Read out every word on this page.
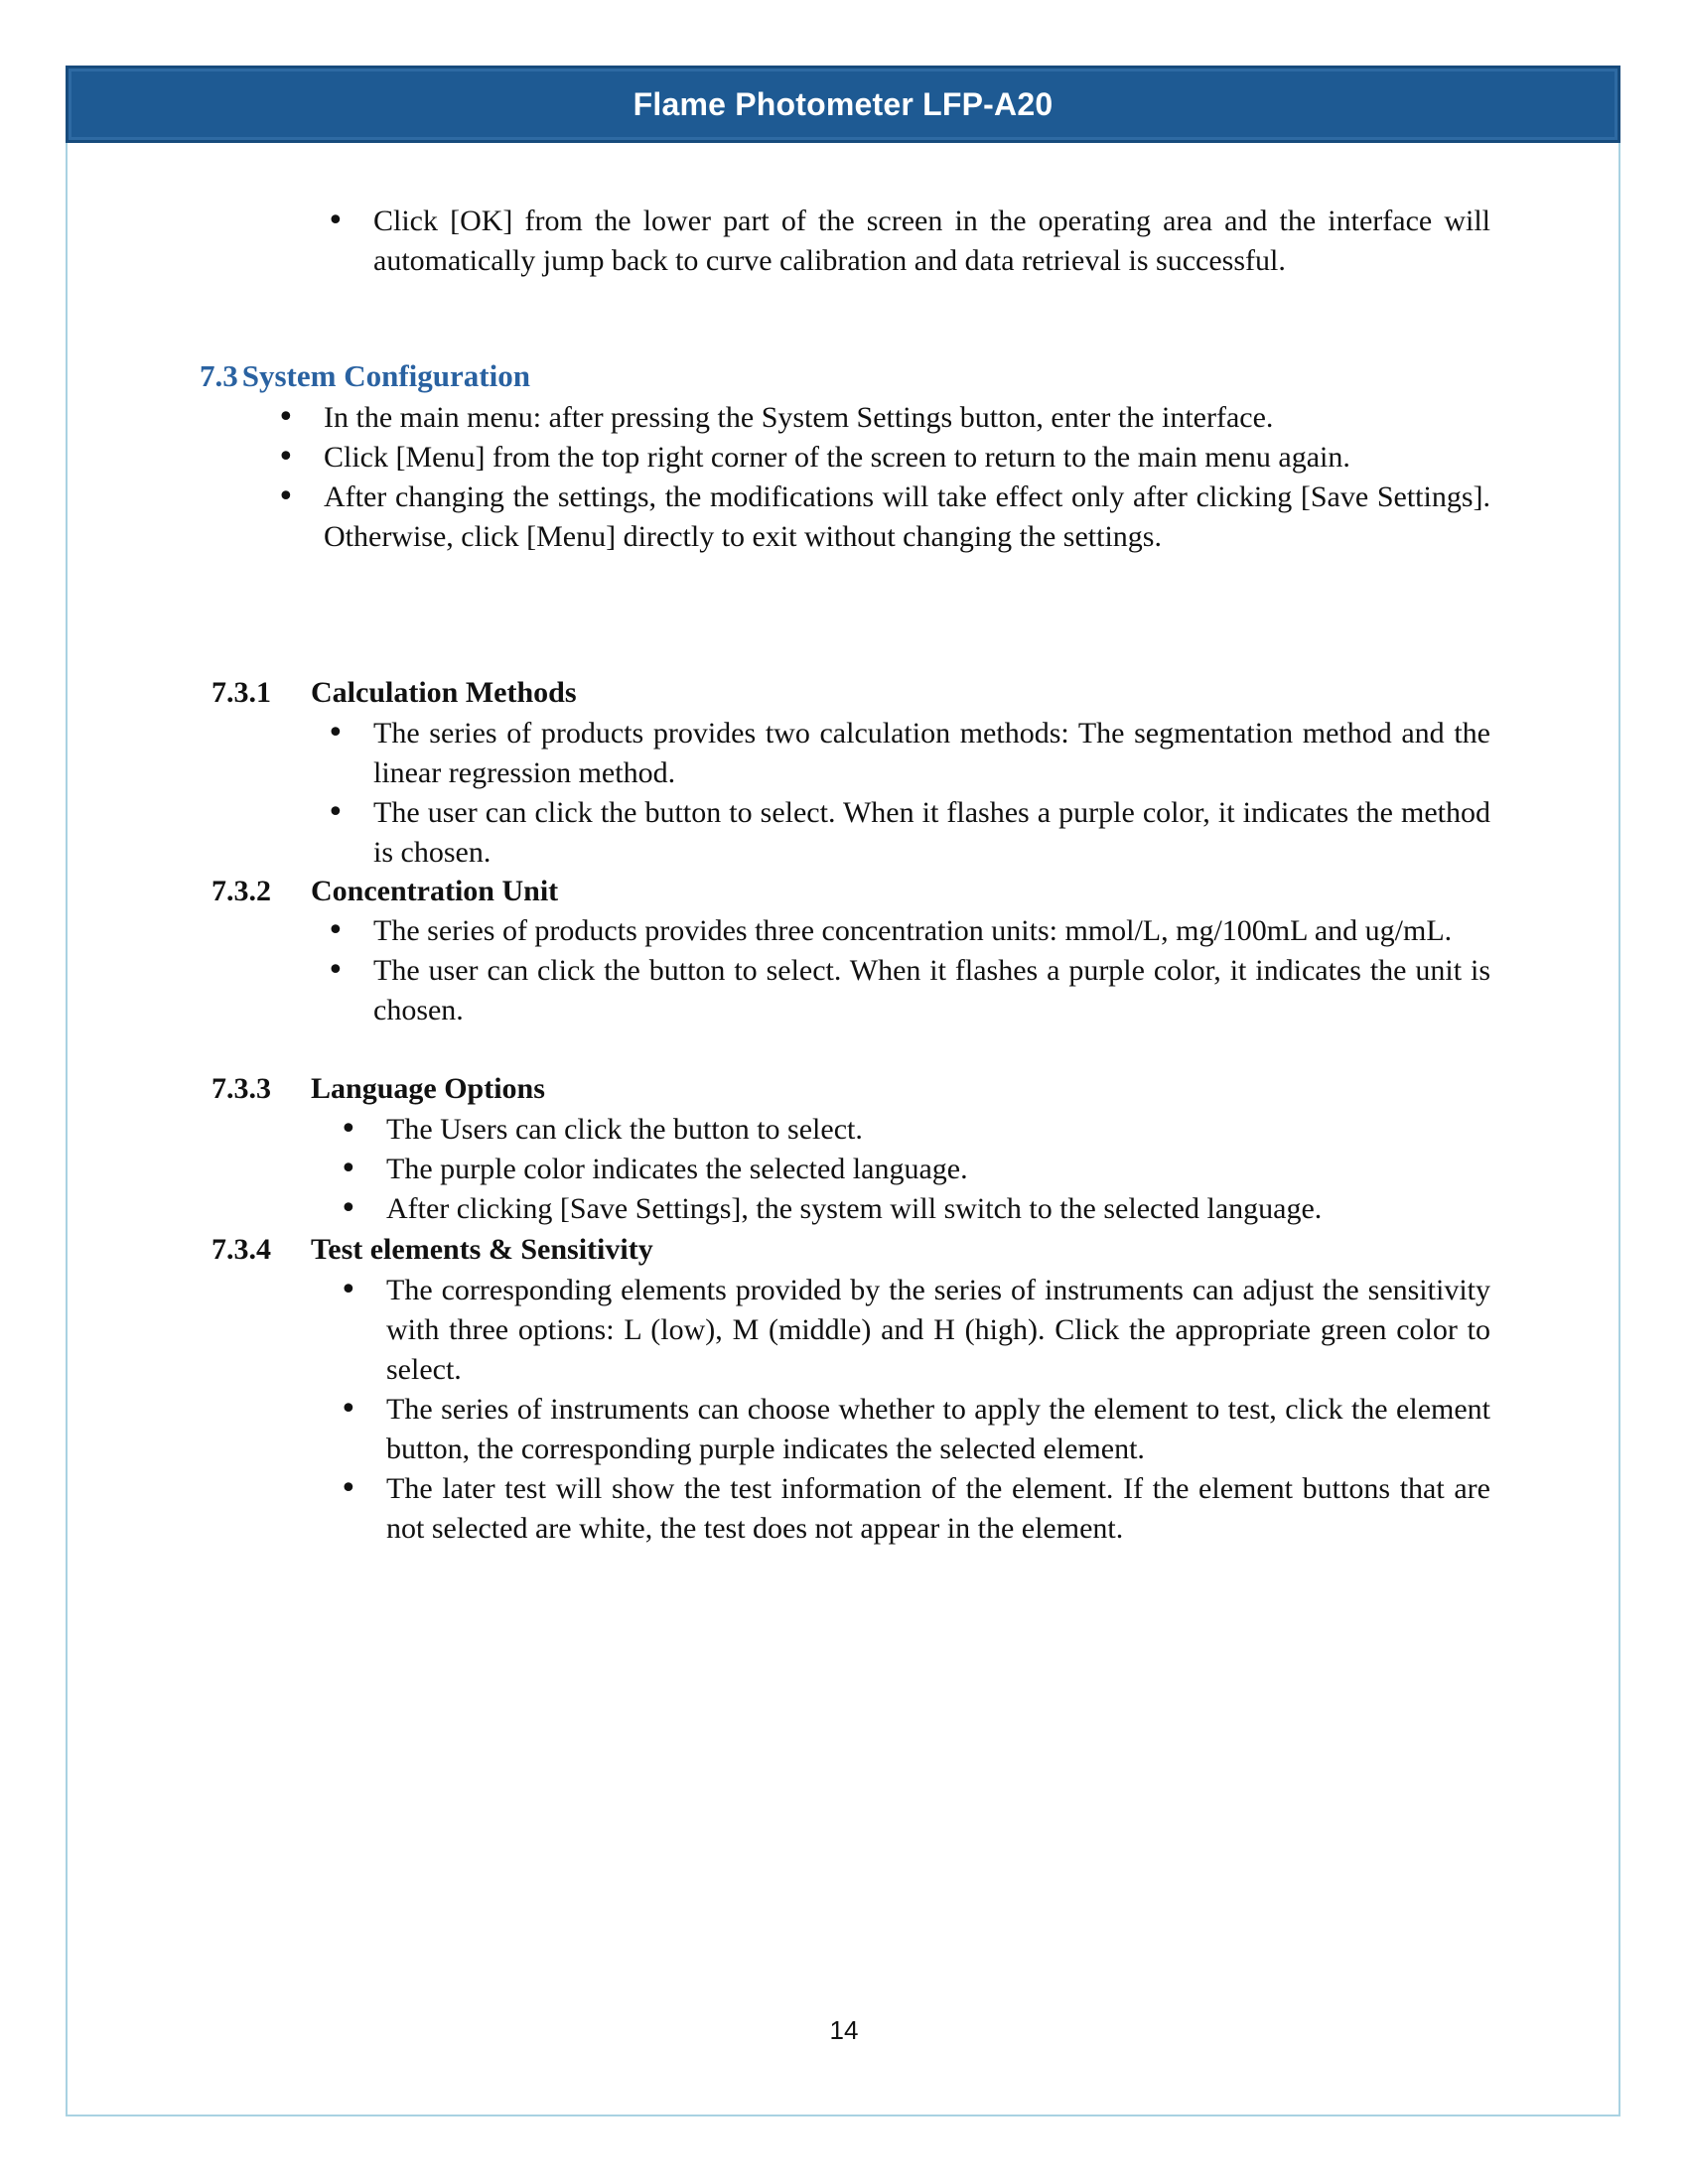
Flame Photometer LFP-A20
• Click [OK] from the lower part of the screen in the operating area and the interface will automatically jump back to curve calibration and data retrieval is successful.
7.3 System Configuration
• In the main menu: after pressing the System Settings button, enter the interface.
• Click [Menu] from the top right corner of the screen to return to the main menu again.
• After changing the settings, the modifications will take effect only after clicking [Save Settings]. Otherwise, click [Menu] directly to exit without changing the settings.
7.3.1 Calculation Methods
• The series of products provides two calculation methods: The segmentation method and the linear regression method.
• The user can click the button to select. When it flashes a purple color, it indicates the method is chosen.
7.3.2 Concentration Unit
• The series of products provides three concentration units: mmol/L, mg/100mL and ug/mL.
• The user can click the button to select. When it flashes a purple color, it indicates the unit is chosen.
7.3.3 Language Options
• The Users can click the button to select.
• The purple color indicates the selected language.
• After clicking [Save Settings], the system will switch to the selected language.
7.3.4 Test elements & Sensitivity
• The corresponding elements provided by the series of instruments can adjust the sensitivity with three options: L (low), M (middle) and H (high). Click the appropriate green color to select.
• The series of instruments can choose whether to apply the element to test, click the element button, the corresponding purple indicates the selected element.
• The later test will show the test information of the element. If the element buttons that are not selected are white, the test does not appear in the element.
14
